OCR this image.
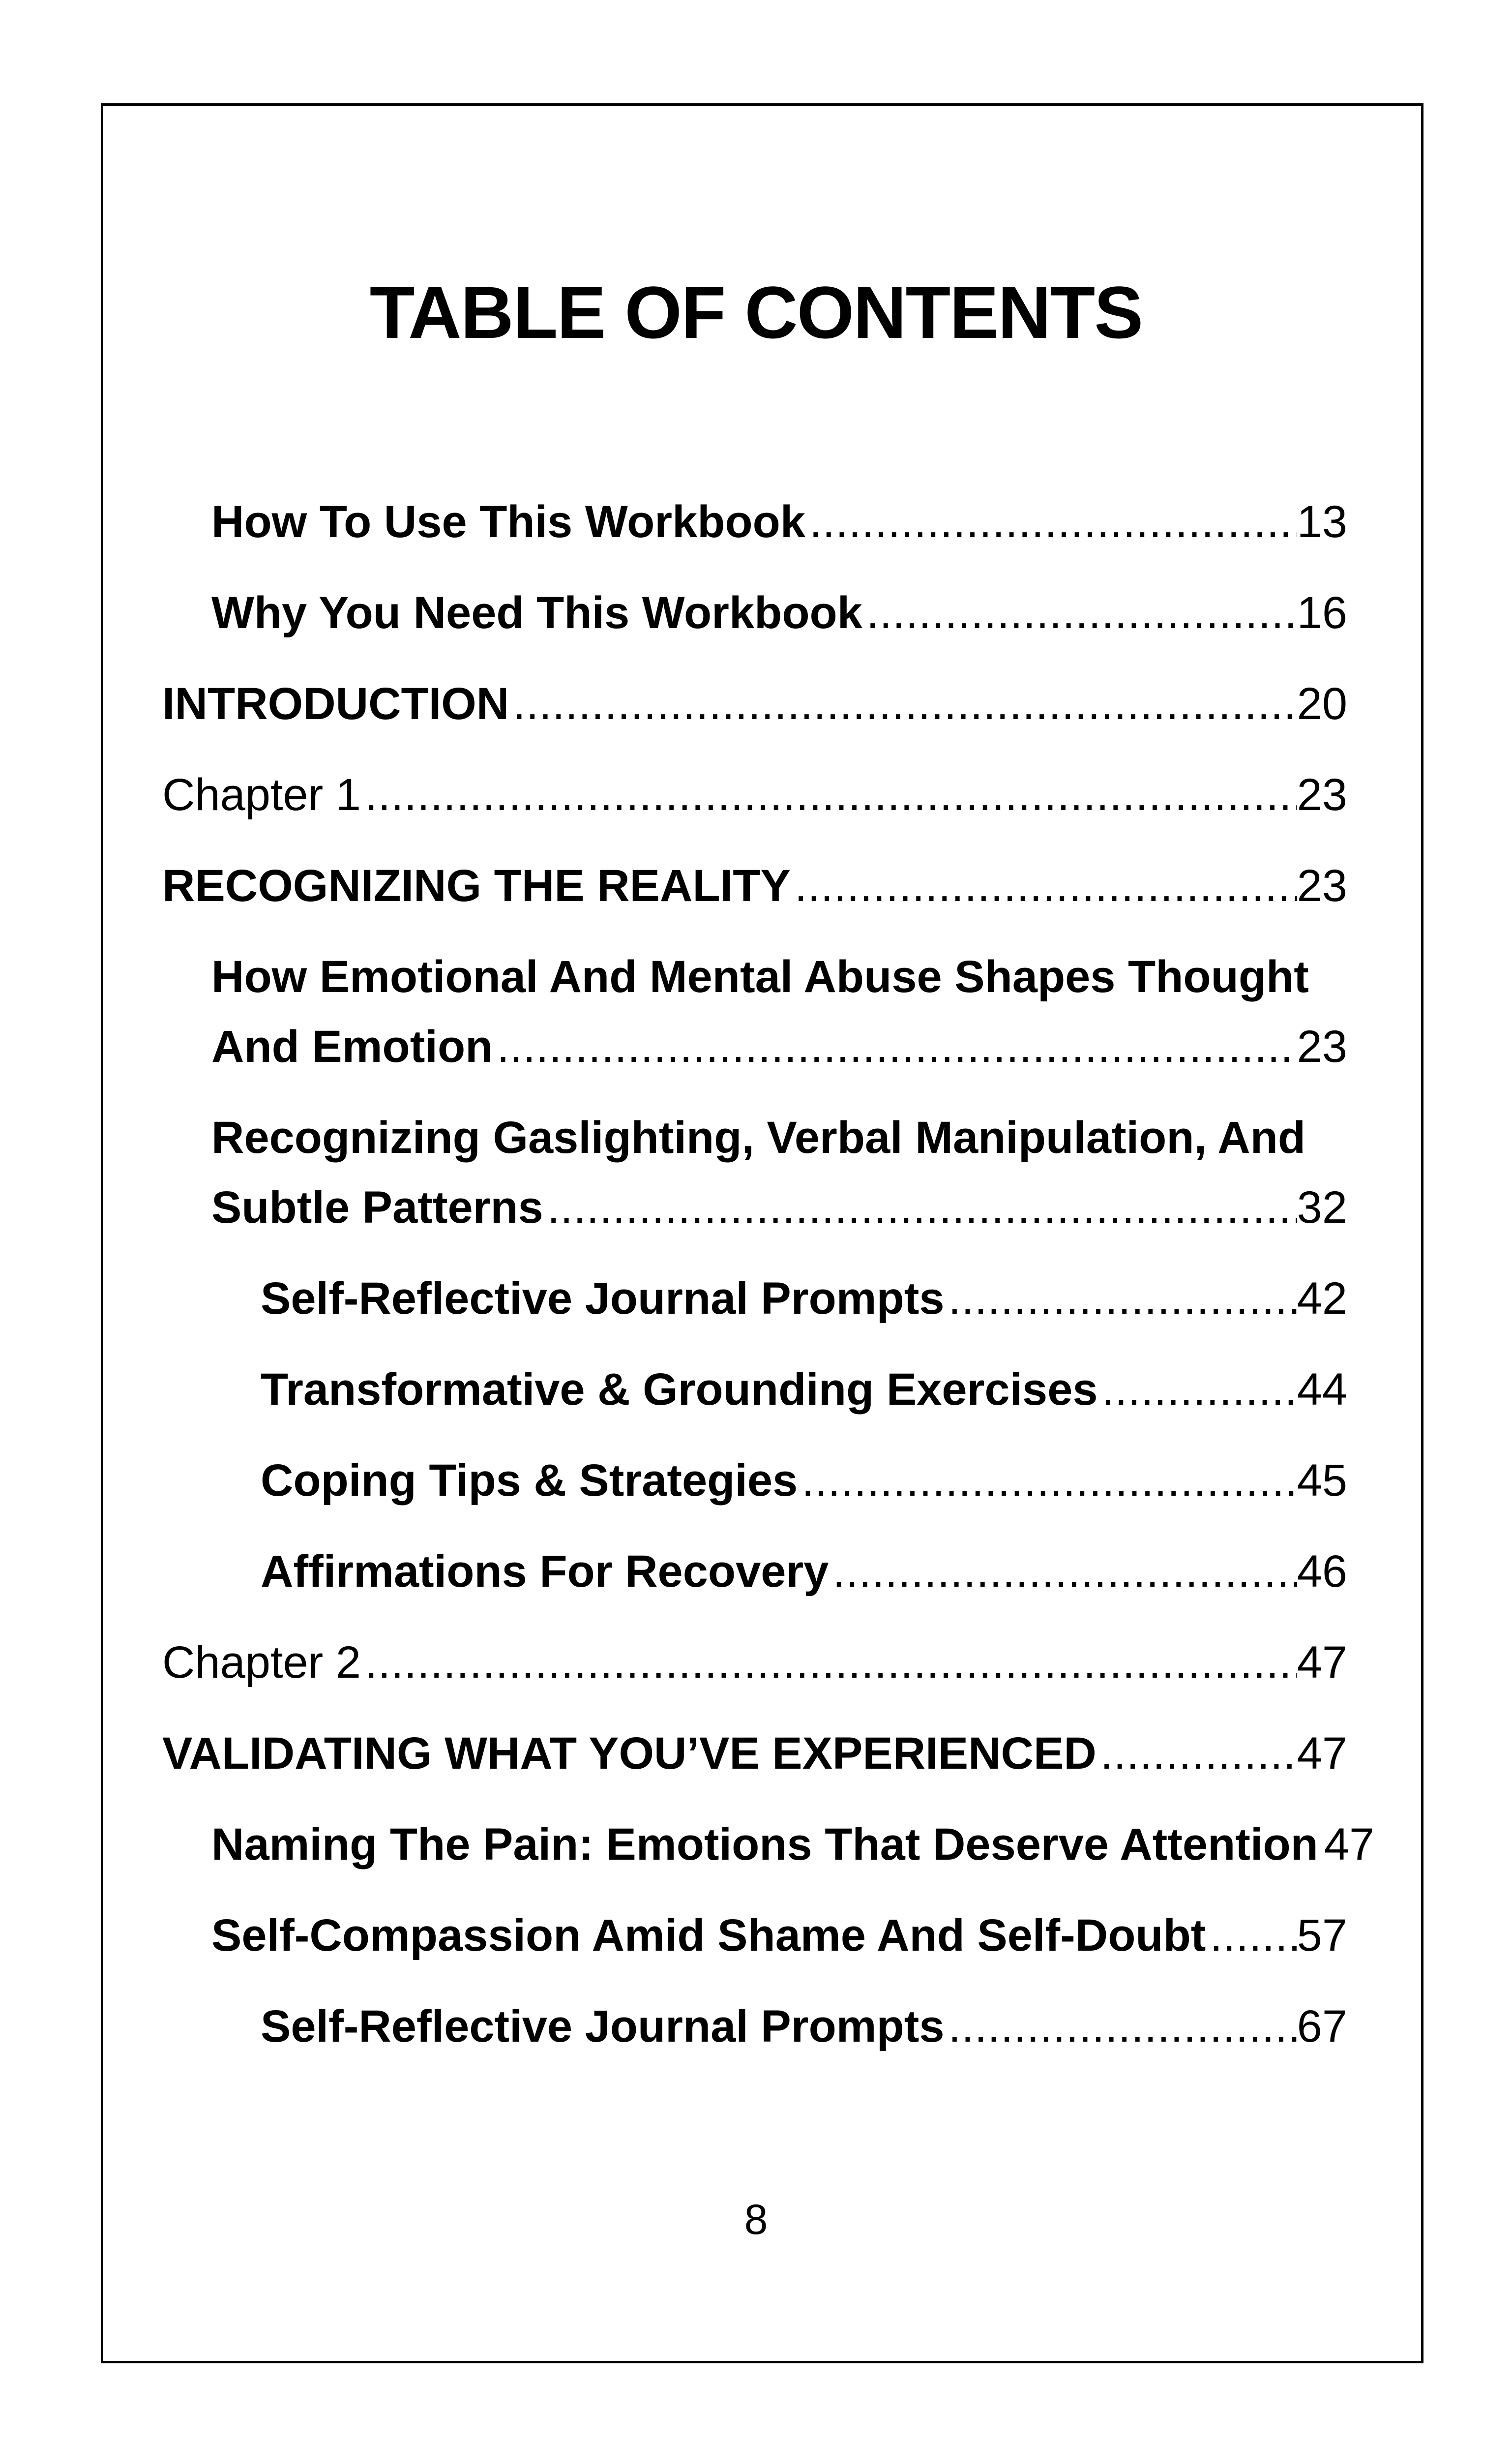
TABLE OF CONTENTS
How To Use This Workbook .....	13
Why You Need This Workbook .....	16
INTRODUCTION .....	20
Chapter 1 .....	23
RECOGNIZING THE REALITY .....	23
How Emotional And Mental Abuse Shapes Thought
And Emotion .....	23
Recognizing Gaslighting, Verbal Manipulation, And
Subtle Patterns .....	32
Self-Reflective Journal Prompts .....	42
Transformative & Grounding Exercises .....	44
Coping Tips & Strategies .....	45
Affirmations For Recovery .....	46
Chapter 2 .....	47
VALIDATING WHAT YOU’VE EXPERIENCED .....	47
Naming The Pain: Emotions That Deserve Attention ..... 47
Self-Compassion Amid Shame And Self-Doubt ..... 57
Self-Reflective Journal Prompts .....	67
8
